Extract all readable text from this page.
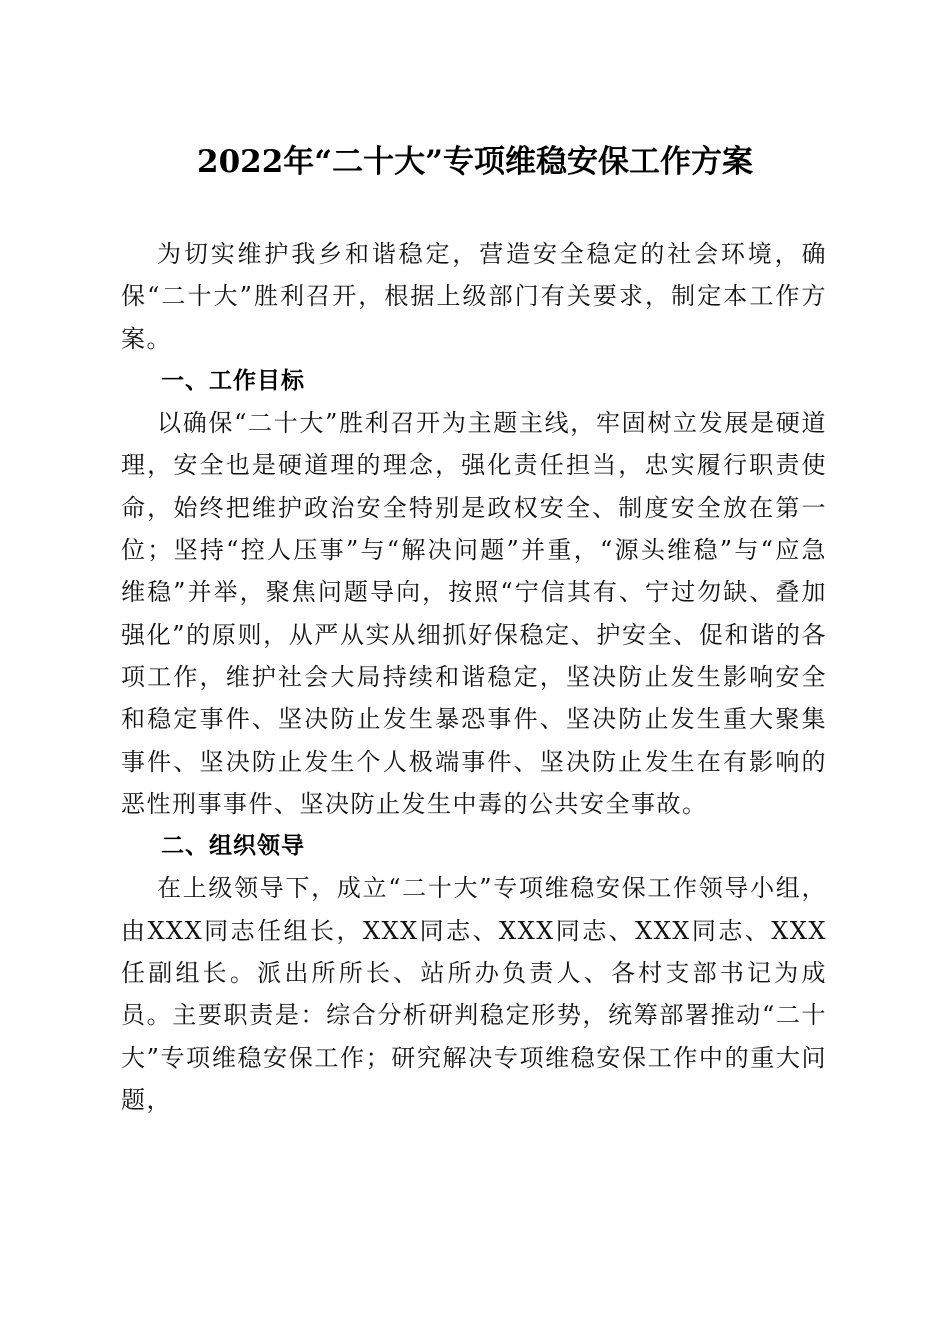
2022年“二十大”专项维稳安保工作方案

为切实维护我乡和谐稳定，营造安全稳定的社会环境，确保“二十大”胜利召开，根据上级部门有关要求，制定本工作方案。

一、工作目标

以确保“二十大”胜利召开为主题主线，牢固树立发展是硬道理，安全也是硬道理的理念，强化责任担当，忠实履行职责使命，始终把维护政治安全特别是政权安全、制度安全放在第一位；坚持“控人压事”与“解决问题”并重，“源头维稳”与“应急维稳”并举，聚焦问题导向，按照“宁信其有、宁过勿缺、叠加强化”的原则，从严从实从细抓好保稳定、护安全、促和谐的各项工作，维护社会大局持续和谐稳定，坚决防止发生影响安全和稳定事件、坚决防止发生暴恐事件、坚决防止发生重大聚集事件、坚决防止发生个人极端事件、坚决防止发生在有影响的恶性刑事事件、坚决防止发生中毒的公共安全事故。

二、组织领导

在上级领导下，成立“二十大”专项维稳安保工作领导小组，由XXX同志任组长，XXX同志、XXX同志、XXX同志、XXX任副组长。派出所所长、站所办负责人、各村支部书记为成员。主要职责是：综合分析研判稳定形势，统筹部署推动“二十大”专项维稳安保工作；研究解决专项维稳安保工作中的重大问题，
